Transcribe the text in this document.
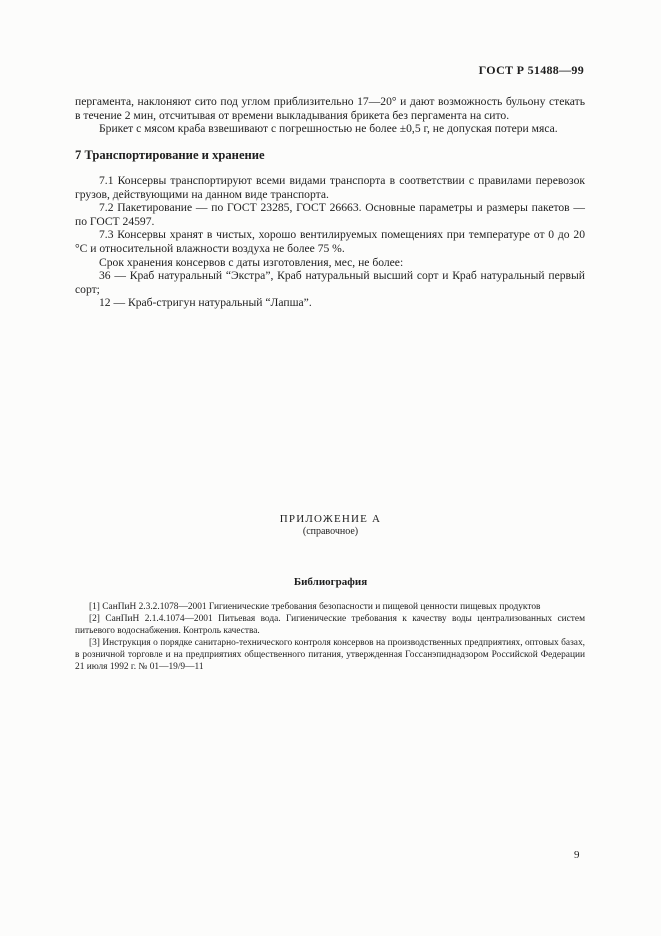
ГОСТ Р 51488—99

пергамента, наклоняют сито под углом приблизительно 17—20° и дают возможность бульону стекать в течение 2 мин, отсчитывая от времени выкладывания брикета без пергамента на сито.

Брикет с мясом краба взвешивают с погрешностью не более ±0,5 г, не допуская потери мяса.

7 Транспортирование и хранение

7.1 Консервы транспортируют всеми видами транспорта в соответствии с правилами перевозок грузов, действующими на данном виде транспорта.

7.2 Пакетирование — по ГОСТ 23285, ГОСТ 26663. Основные параметры и размеры пакетов — по ГОСТ 24597.

7.3 Консервы хранят в чистых, хорошо вентилируемых помещениях при температуре от 0 до 20 °С и относительной влажности воздуха не более 75 %.

Срок хранения консервов с даты изготовления, мес, не более:

36 — Краб натуральный “Экстра”, Краб натуральный высший сорт и Краб натуральный первый сорт;

12 — Краб-стригун натуральный “Лапша”.

ПРИЛОЖЕНИЕ А
(справочное)
Библиография

[1] СанПиН 2.3.2.1078—2001 Гигиенические требования безопасности и пищевой ценности пищевых продуктов

[2] СанПиН 2.1.4.1074—2001 Питьевая вода. Гигиенические требования к качеству воды централизованных систем питьевого водоснабжения. Контроль качества.

[3] Инструкция о порядке санитарно-технического контроля консервов на производственных предприятиях, оптовых базах, в розничной торговле и на предприятиях общественного питания, утвержденная Госсанэпиднадзором Российской Федерации 21 июля 1992 г. № 01—19/9—11

9
